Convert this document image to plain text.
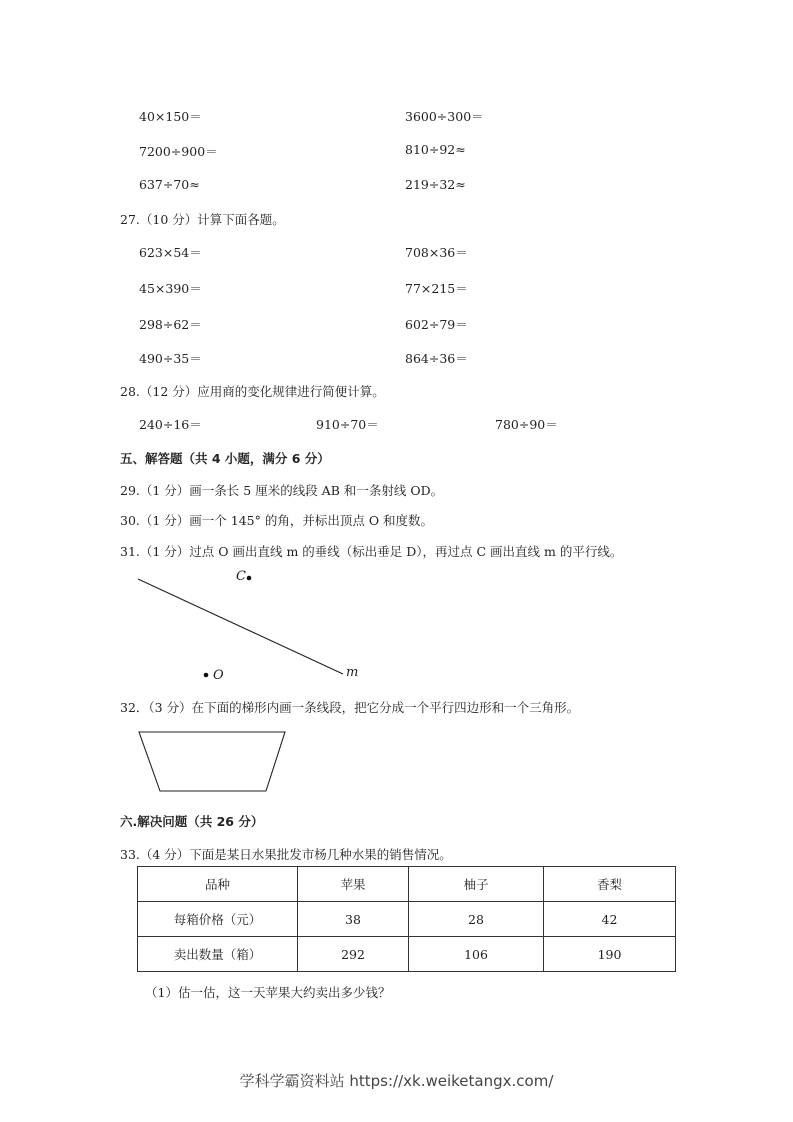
40×150＝	3600÷300＝
7200÷900＝	810÷92≈
637÷70≈	219÷32≈
27.（10 分）计算下面各题。
623×54＝	708×36＝
45×390＝	77×215＝
298÷62＝	602÷79＝
490÷35＝	864÷36＝
28.（12 分）应用商的变化规律进行简便计算。
240÷16＝	910÷70＝	780÷90＝
五、解答题（共 4 小题，满分 6 分）
29.（1 分）画一条长 5 厘米的线段 AB 和一条射线 OD。
30.（1 分）画一个 145° 的角，并标出顶点 O 和度数。
31.（1 分）过点 O 画出直线 m 的垂线（标出垂足 D），再过点 C 画出直线 m 的平行线。
C
O	m
32．（3 分）在下面的梯形内画一条线段，把它分成一个平行四边形和一个三角形。
六.解决问题（共 26 分）
33.（4 分）下面是某日水果批发市杨几种水果的销售情况。
品种	苹果	柚子	香梨
每箱价格（元）	38	28	42
卖出数量（箱）	292	106	190
（1）估一估，这一天苹果大约卖出多少钱？
学科学霸资料站 https://xk.weiketangx.com/
